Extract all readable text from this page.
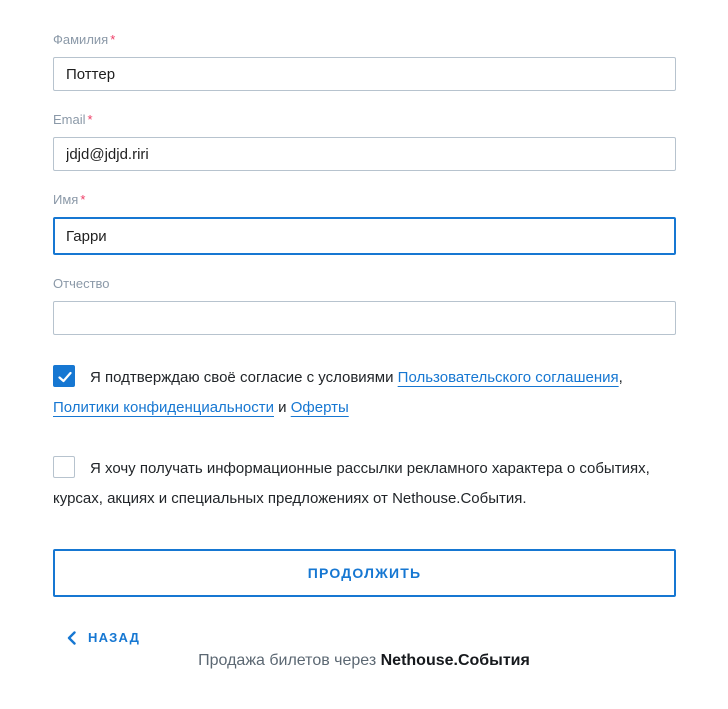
Фамилия *
Поттер
Email *
jdjd@jdjd.riri
Имя *
Гарри
Отчество
Я подтверждаю своё согласие с условиями Пользовательского соглашения, Политики конфиденциальности и Оферты
Я хочу получать информационные рассылки рекламного характера о событиях, курсах, акциях и специальных предложениях от Nethouse.События.
ПРОДОЛЖИТЬ
НАЗАД
Продажа билетов через Nethouse.События
